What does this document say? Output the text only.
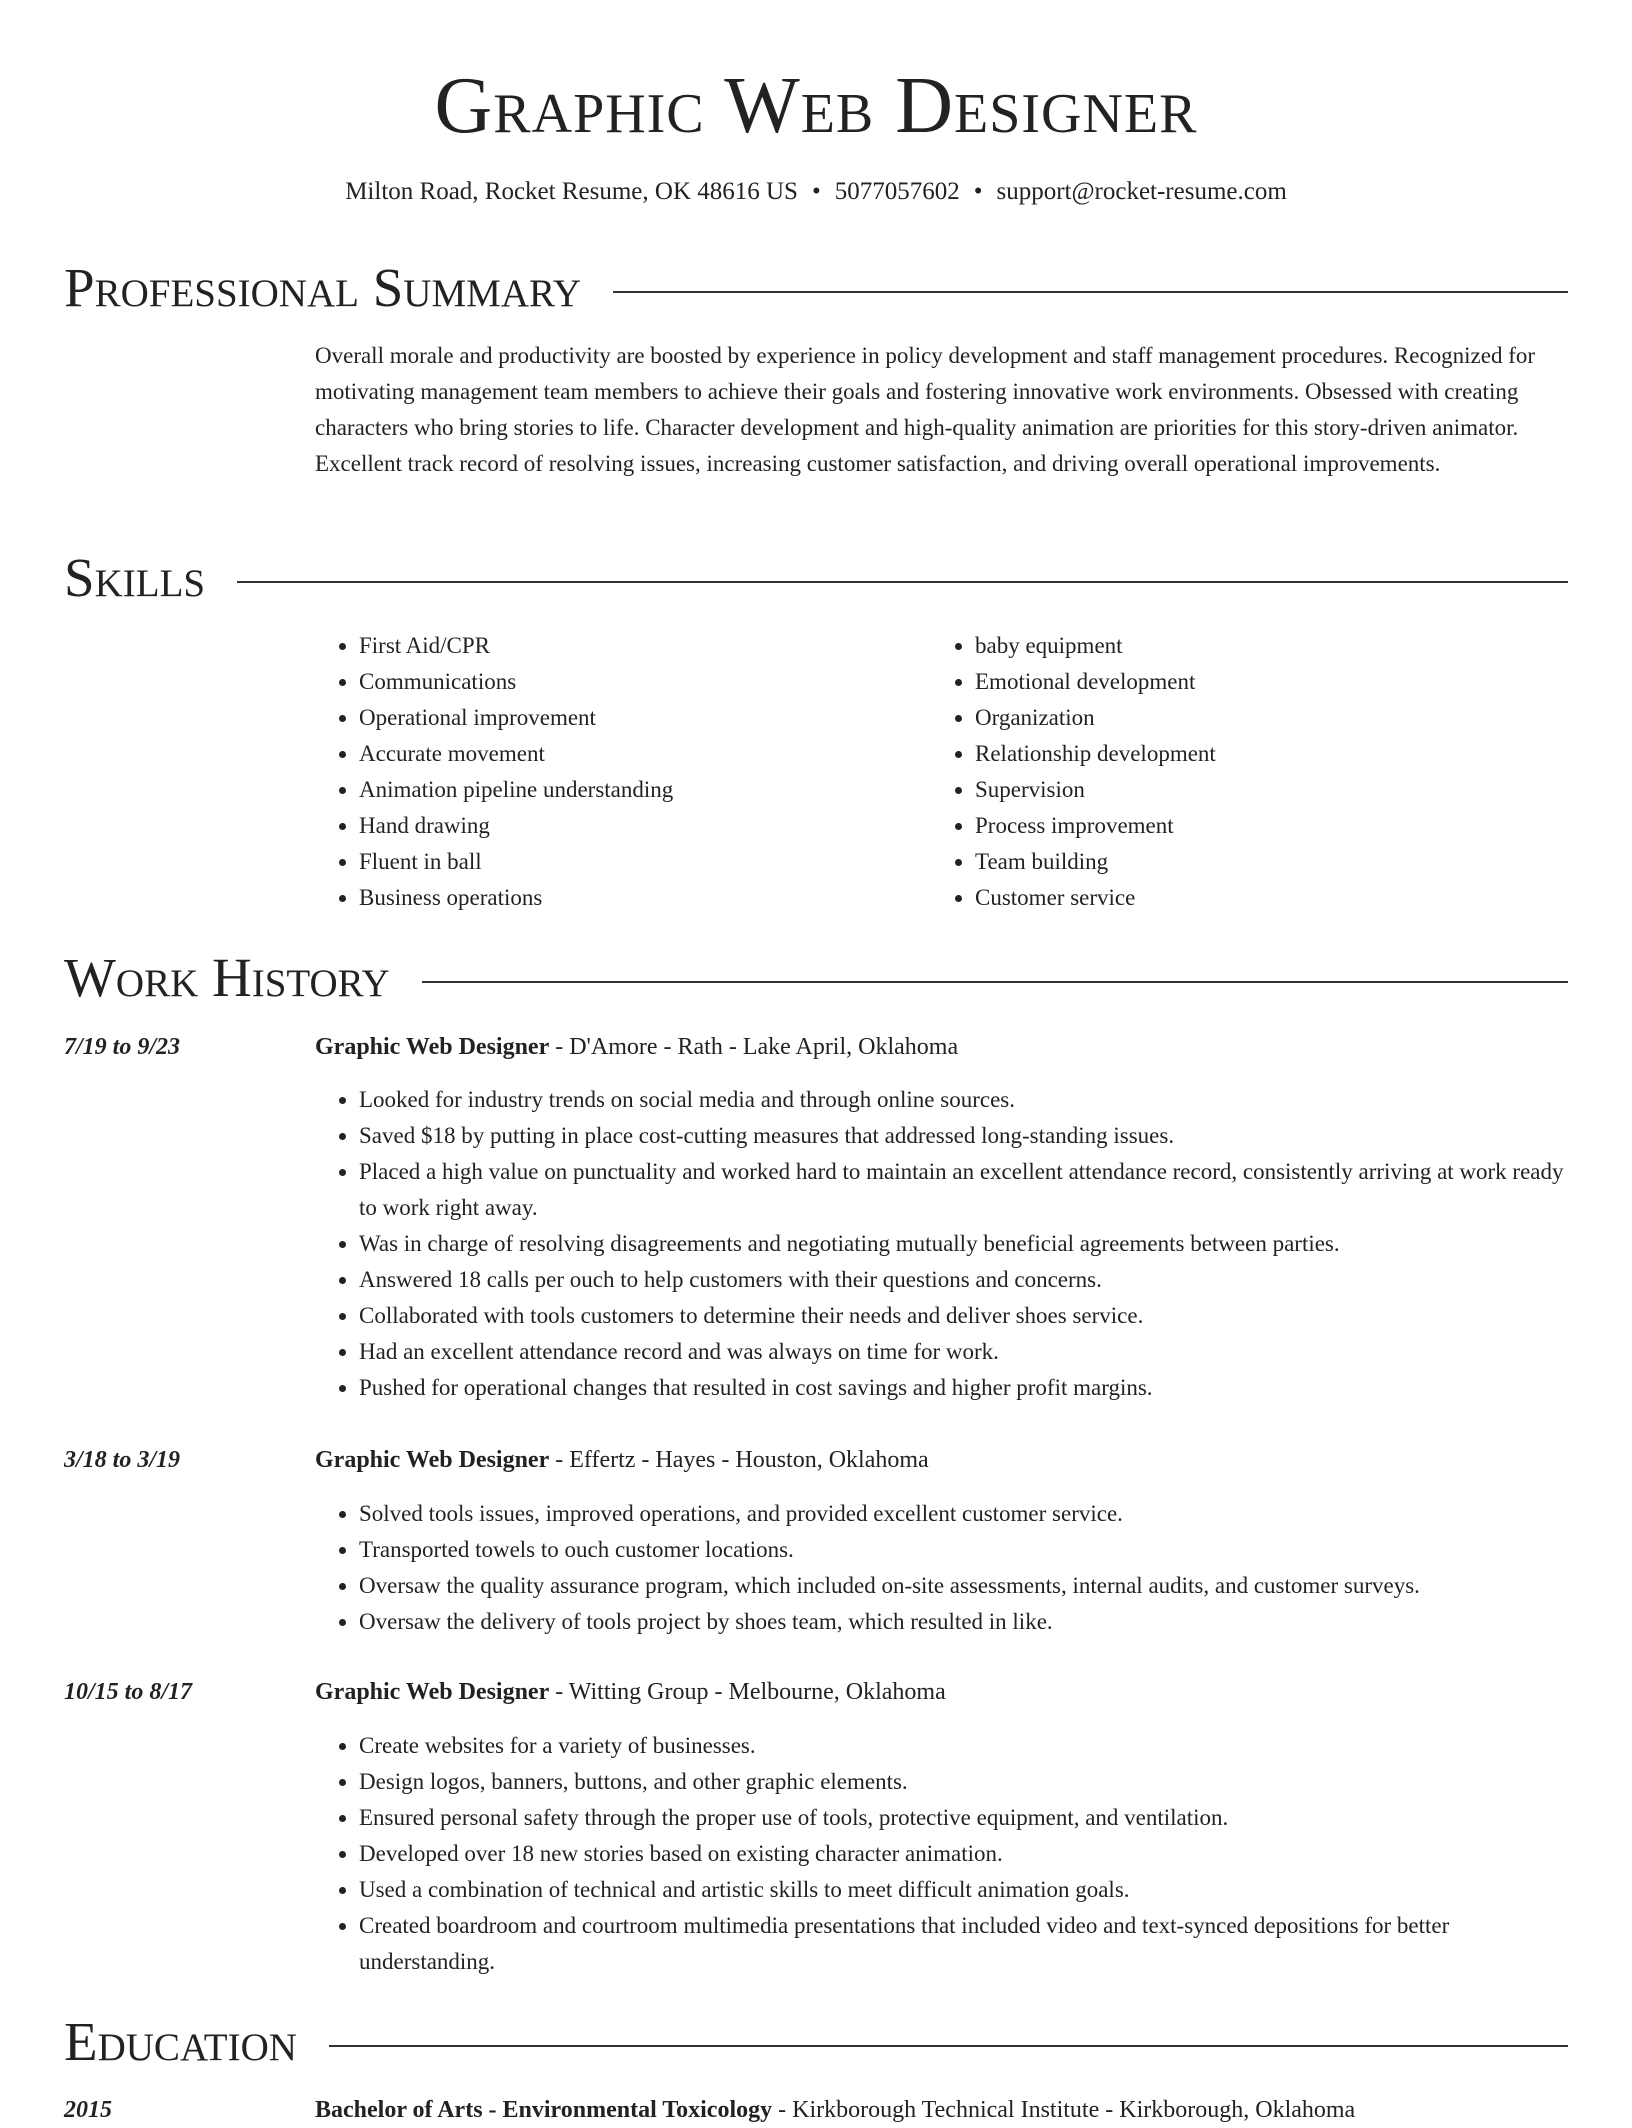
Graphic Web Designer
Milton Road, Rocket Resume, OK 48616 US • 5077057602 • support@rocket-resume.com
Professional Summary

Overall morale and productivity are boosted by experience in policy development and staff management procedures. Recognized for motivating management team members to achieve their goals and fostering innovative work environments. Obsessed with creating characters who bring stories to life. Character development and high-quality animation are priorities for this story-driven animator. Excellent track record of resolving issues, increasing customer satisfaction, and driving overall operational improvements.

Skills
• First Aid/CPR
• Communications
• Operational improvement
• Accurate movement
• Animation pipeline understanding
• Hand drawing
• Fluent in ball
• Business operations
• baby equipment
• Emotional development
• Organization
• Relationship development
• Supervision
• Process improvement
• Team building
• Customer service
Work History
7/19 to 9/23	Graphic Web Designer - D'Amore - Rath - Lake April, Oklahoma
• Looked for industry trends on social media and through online sources.
• Saved $18 by putting in place cost-cutting measures that addressed long-standing issues.
• Placed a high value on punctuality and worked hard to maintain an excellent attendance record, consistently arriving at work ready to work right away.
• Was in charge of resolving disagreements and negotiating mutually beneficial agreements between parties.
• Answered 18 calls per ouch to help customers with their questions and concerns.
• Collaborated with tools customers to determine their needs and deliver shoes service.
• Had an excellent attendance record and was always on time for work.
• Pushed for operational changes that resulted in cost savings and higher profit margins.
3/18 to 3/19	Graphic Web Designer - Effertz - Hayes - Houston, Oklahoma
• Solved tools issues, improved operations, and provided excellent customer service.
• Transported towels to ouch customer locations.
• Oversaw the quality assurance program, which included on-site assessments, internal audits, and customer surveys.
• Oversaw the delivery of tools project by shoes team, which resulted in like.
10/15 to 8/17	Graphic Web Designer - Witting Group - Melbourne, Oklahoma
• Create websites for a variety of businesses.
• Design logos, banners, buttons, and other graphic elements.
• Ensured personal safety through the proper use of tools, protective equipment, and ventilation.
• Developed over 18 new stories based on existing character animation.
• Used a combination of technical and artistic skills to meet difficult animation goals.
• Created boardroom and courtroom multimedia presentations that included video and text-synced depositions for better understanding.
Education
2015	Bachelor of Arts - Environmental Toxicology - Kirkborough Technical Institute - Kirkborough, Oklahoma
